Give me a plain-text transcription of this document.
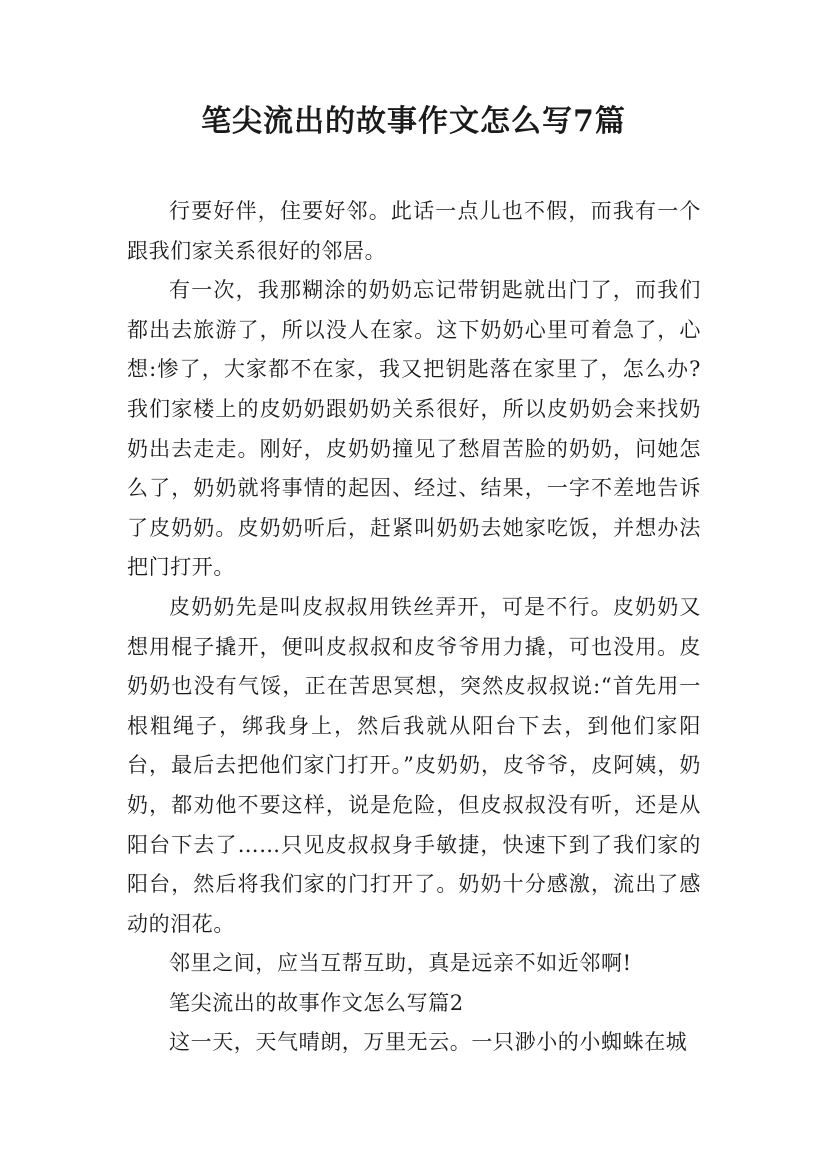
笔尖流出的故事作文怎么写7篇

行要好伴，住要好邻。此话一点儿也不假，而我有一个跟我们家关系很好的邻居。

有一次，我那糊涂的奶奶忘记带钥匙就出门了，而我们都出去旅游了，所以没人在家。这下奶奶心里可着急了，心想:惨了，大家都不在家，我又把钥匙落在家里了，怎么办?我们家楼上的皮奶奶跟奶奶关系很好，所以皮奶奶会来找奶奶出去走走。刚好，皮奶奶撞见了愁眉苦脸的奶奶，问她怎么了，奶奶就将事情的起因、经过、结果，一字不差地告诉了皮奶奶。皮奶奶听后，赶紧叫奶奶去她家吃饭，并想办法把门打开。

皮奶奶先是叫皮叔叔用铁丝弄开，可是不行。皮奶奶又想用棍子撬开，便叫皮叔叔和皮爷爷用力撬，可也没用。皮奶奶也没有气馁，正在苦思冥想，突然皮叔叔说:“首先用一根粗绳子，绑我身上，然后我就从阳台下去，到他们家阳台，最后去把他们家门打开。”皮奶奶，皮爷爷，皮阿姨，奶奶，都劝他不要这样，说是危险，但皮叔叔没有听，还是从阳台下去了……只见皮叔叔身手敏捷，快速下到了我们家的阳台，然后将我们家的门打开了。奶奶十分感激，流出了感动的泪花。

邻里之间，应当互帮互助，真是远亲不如近邻啊!

笔尖流出的故事作文怎么写篇2

这一天，天气晴朗，万里无云。一只渺小的小蜘蛛在城
